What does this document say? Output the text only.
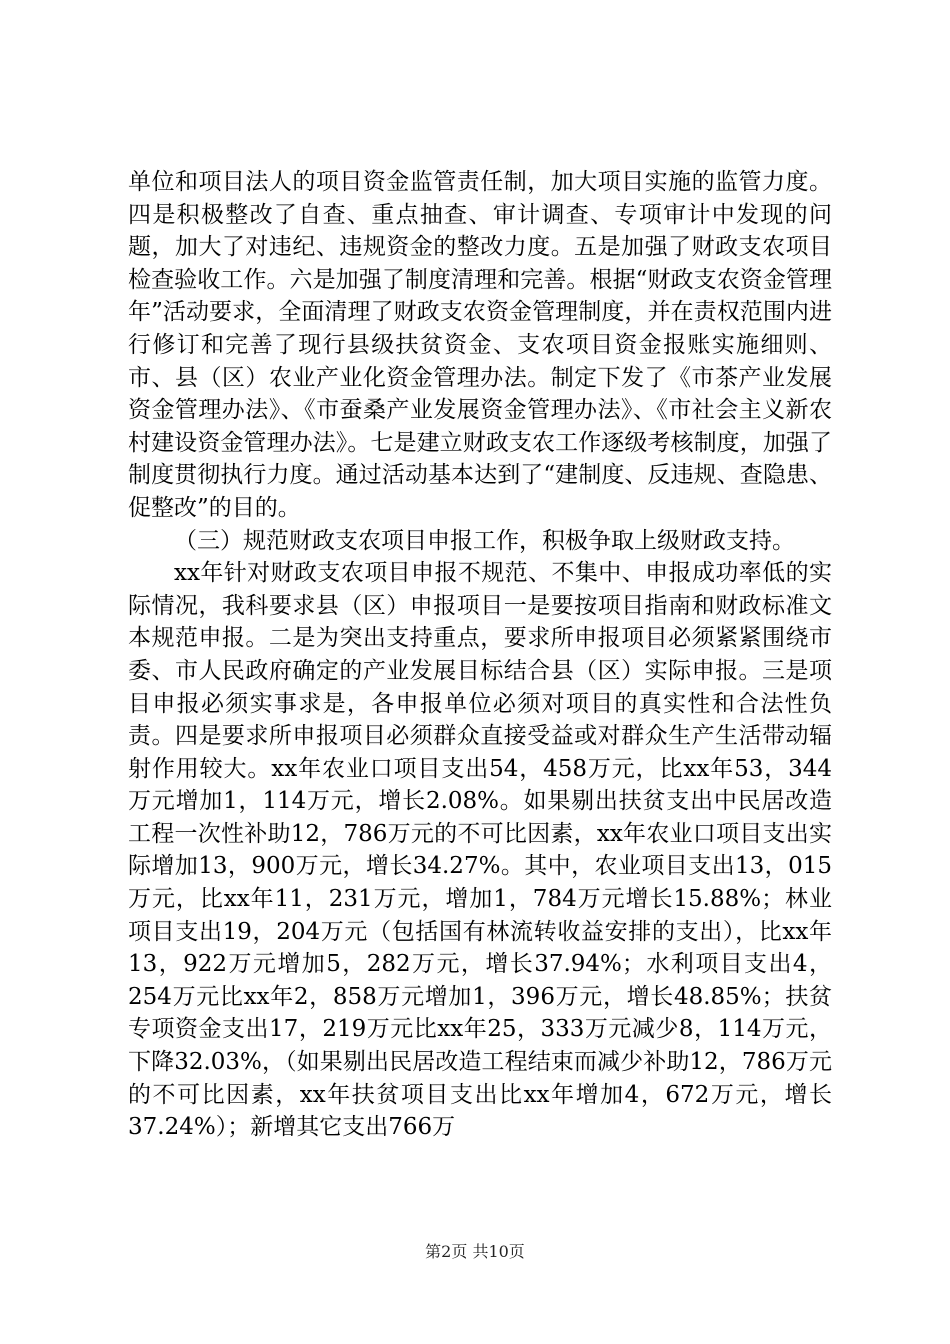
单位和项目法人的项目资金监管责任制，加大项目实施的监管力度。四是积极整改了自查、重点抽查、审计调查、专项审计中发现的问题，加大了对违纪、违规资金的整改力度。五是加强了财政支农项目检查验收工作。六是加强了制度清理和完善。根据“财政支农资金管理年”活动要求，全面清理了财政支农资金管理制度，并在责权范围内进行修订和完善了现行县级扶贫资金、支农项目资金报账实施细则、市、县（区）农业产业化资金管理办法。制定下发了《市茶产业发展资金管理办法》、《市蚕桑产业发展资金管理办法》、《市社会主义新农村建设资金管理办法》。七是建立财政支农工作逐级考核制度，加强了制度贯彻执行力度。通过活动基本达到了“建制度、反违规、查隐患、促整改”的目的。

（三）规范财政支农项目申报工作，积极争取上级财政支持。

xx年针对财政支农项目申报不规范、不集中、申报成功率低的实际情况，我科要求县（区）申报项目一是要按项目指南和财政标准文本规范申报。二是为突出支持重点，要求所申报项目必须紧紧围绕市委、市人民政府确定的产业发展目标结合县（区）实际申报。三是项目申报必须实事求是，各申报单位必须对项目的真实性和合法性负责。四是要求所申报项目必须群众直接受益或对群众生产生活带动辐射作用较大。xx年农业口项目支出54，458万元，比xx年53，344万元增加1，114万元，增长2.08%。如果剔出扶贫支出中民居改造工程一次性补助12，786万元的不可比因素，xx年农业口项目支出实际增加13，900万元，增长34.27%。其中，农业项目支出13，015万元，比xx年11，231万元，增加1，784万元增长15.88%；林业项目支出19，204万元（包括国有林流转收益安排的支出），比xx年13，922万元增加5，282万元，增长37.94%；水利项目支出4，254万元比xx年2，858万元增加1，396万元，增长48.85%；扶贫专项资金支出17，219万元比xx年25，333万元减少8，114万元，下降32.03%，（如果剔出民居改造工程结束而减少补助12，786万元的不可比因素，xx年扶贫项目支出比xx年增加4，672万元，增长37.24%）；新增其它支出766万

第2页 共10页
